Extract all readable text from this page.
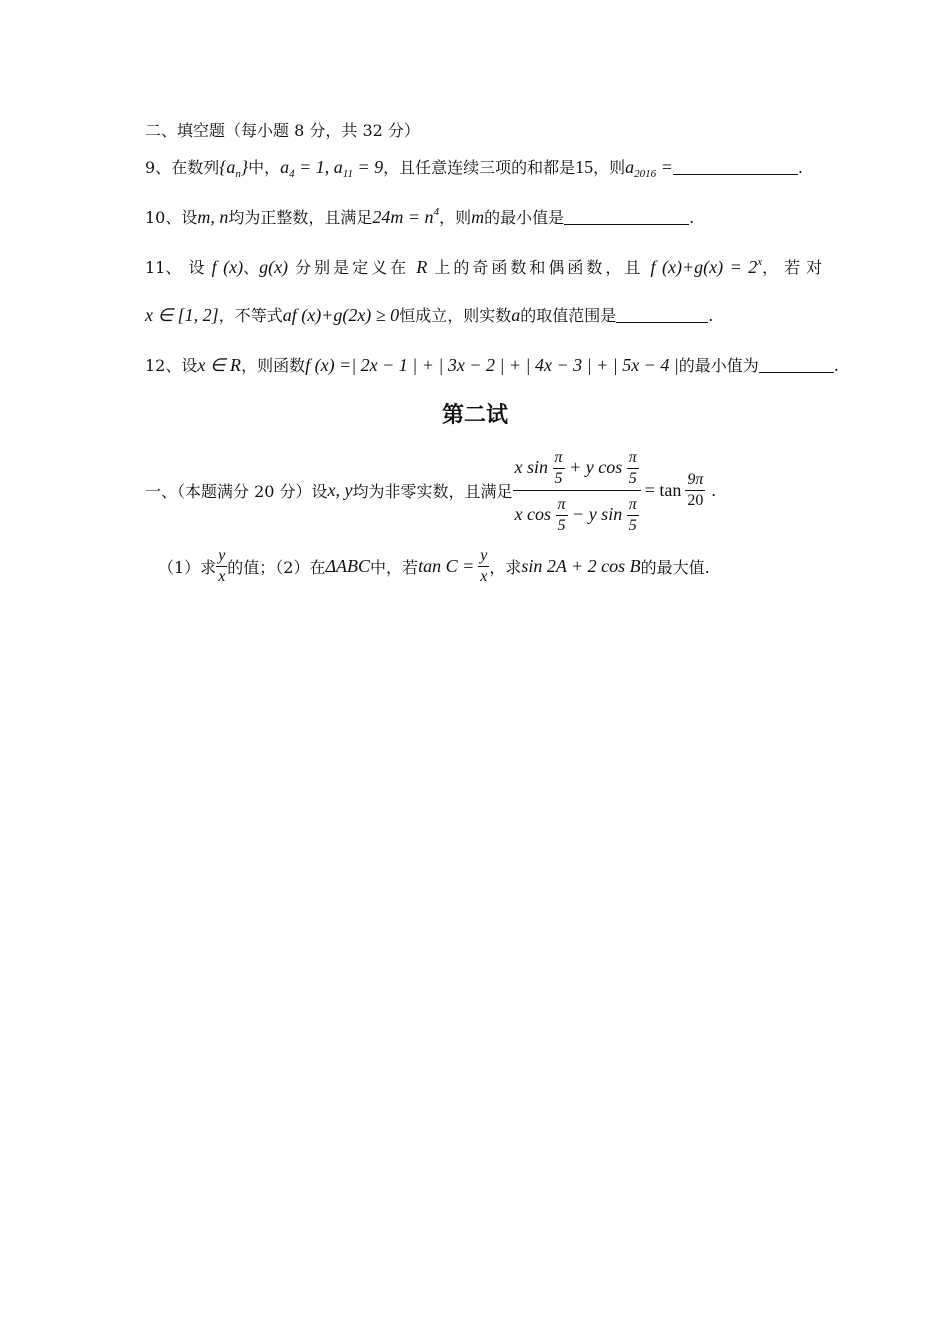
二、填空题（每小题 8 分，共 32 分）
9、在数列$\{a_n\}$中，$a_4 = 1$, $a_{11} = 9$，且任意连续三项的和都是15，则$a_{2016}$ =	.
10、设m, n均为正整数，且满足$24m = n^4$，则m的最小值是	.
11、 设 f (x)、g(x) 分别是定义在 R 上的奇函数和偶函数，且 f $(x)+g(x) = 2^x$，若对
x ∈ [1, 2]，不等式af (x)+g(2x) ≥ 0恒成立，则实数a的取值范围是	.
12、设x ∈ R，则函数f (x) =| 2x − 1 | + | 3x − 2 | + | 4x − 3 | + | 5x − 4 |的最小值为	.
第二试
一、（本题满分 20 分）设 x, y 均为非零实数，且满足 $\frac{x \sin \frac{\pi}{5} + y \cos \frac{\pi}{5}}{x \cos \frac{\pi}{5} - y \sin \frac{\pi}{5}} = \tan \frac{9\pi}{20}$ .
（1）求 $\frac{y}{x}$ 的值；（2）在 ΔABC 中，若 $\tan C = \frac{y}{x}$ ，求 sin 2A + 2 cos B 的最大值.
